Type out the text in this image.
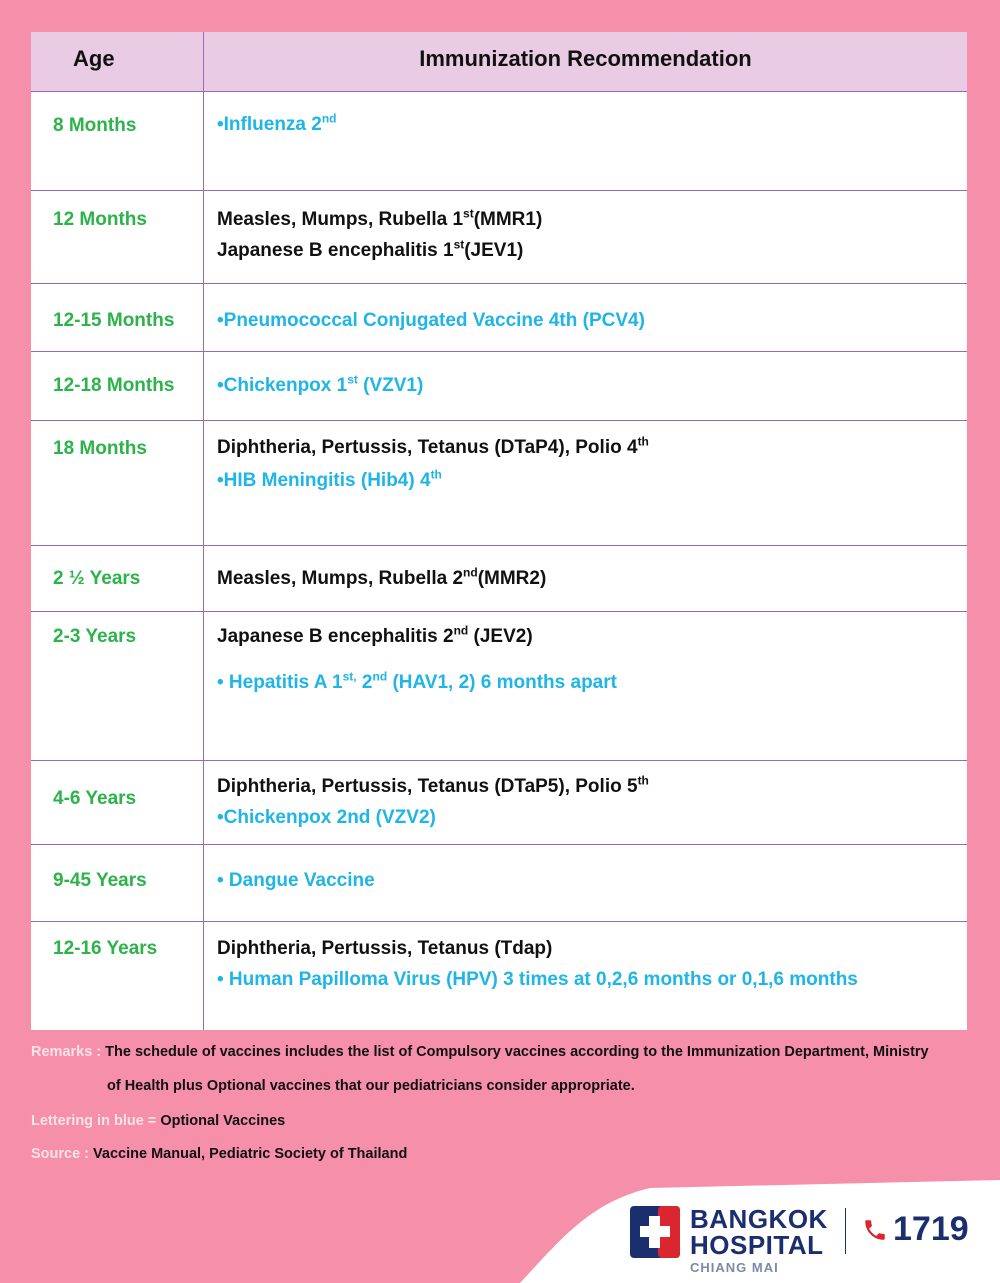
Age	Immunization Recommendation
8 Months	•Influenza 2nd
12 Months	Measles, Mumps, Rubella 1st(MMR1)
Japanese B encephalitis 1st(JEV1)
12-15 Months •Pneumococcal Conjugated Vaccine 4th (PCV4)
12-18 Months •Chickenpox 1st (VZV1)
18 Months	Diphtheria, Pertussis, Tetanus (DTaP4), Polio 4th
•HIB Meningitis (Hib4) 4th
2 ½ Years	Measles, Mumps, Rubella 2nd(MMR2)
2-3 Years	Japanese B encephalitis 2nd (JEV2)
• Hepatitis A $1^{st,}$ 2nd (HAV1, 2) 6 months apart
4-6 Years
Diphtheria, Pertussis, Tetanus (DTaP5), Polio 5th
•Chickenpox 2nd (VZV2)
9-45 Years	• Dangue Vaccine
12-16 Years	Diphtheria, Pertussis, Tetanus (Tdap)
• Human Papilloma Virus (HPV) 3 times at 0,2,6 months or 0,1,6 months
Remarks : The schedule of vaccines includes the list of Compulsory vaccines according to the Immunization Department, Ministry
of Health plus Optional vaccines that our pediatricians consider appropriate.
Lettering in blue = Optional Vaccines
Source : Vaccine Manual, Pediatric Society of Thailand
BANGKOK
HOSPITAL
CHIANG MAI
1719
